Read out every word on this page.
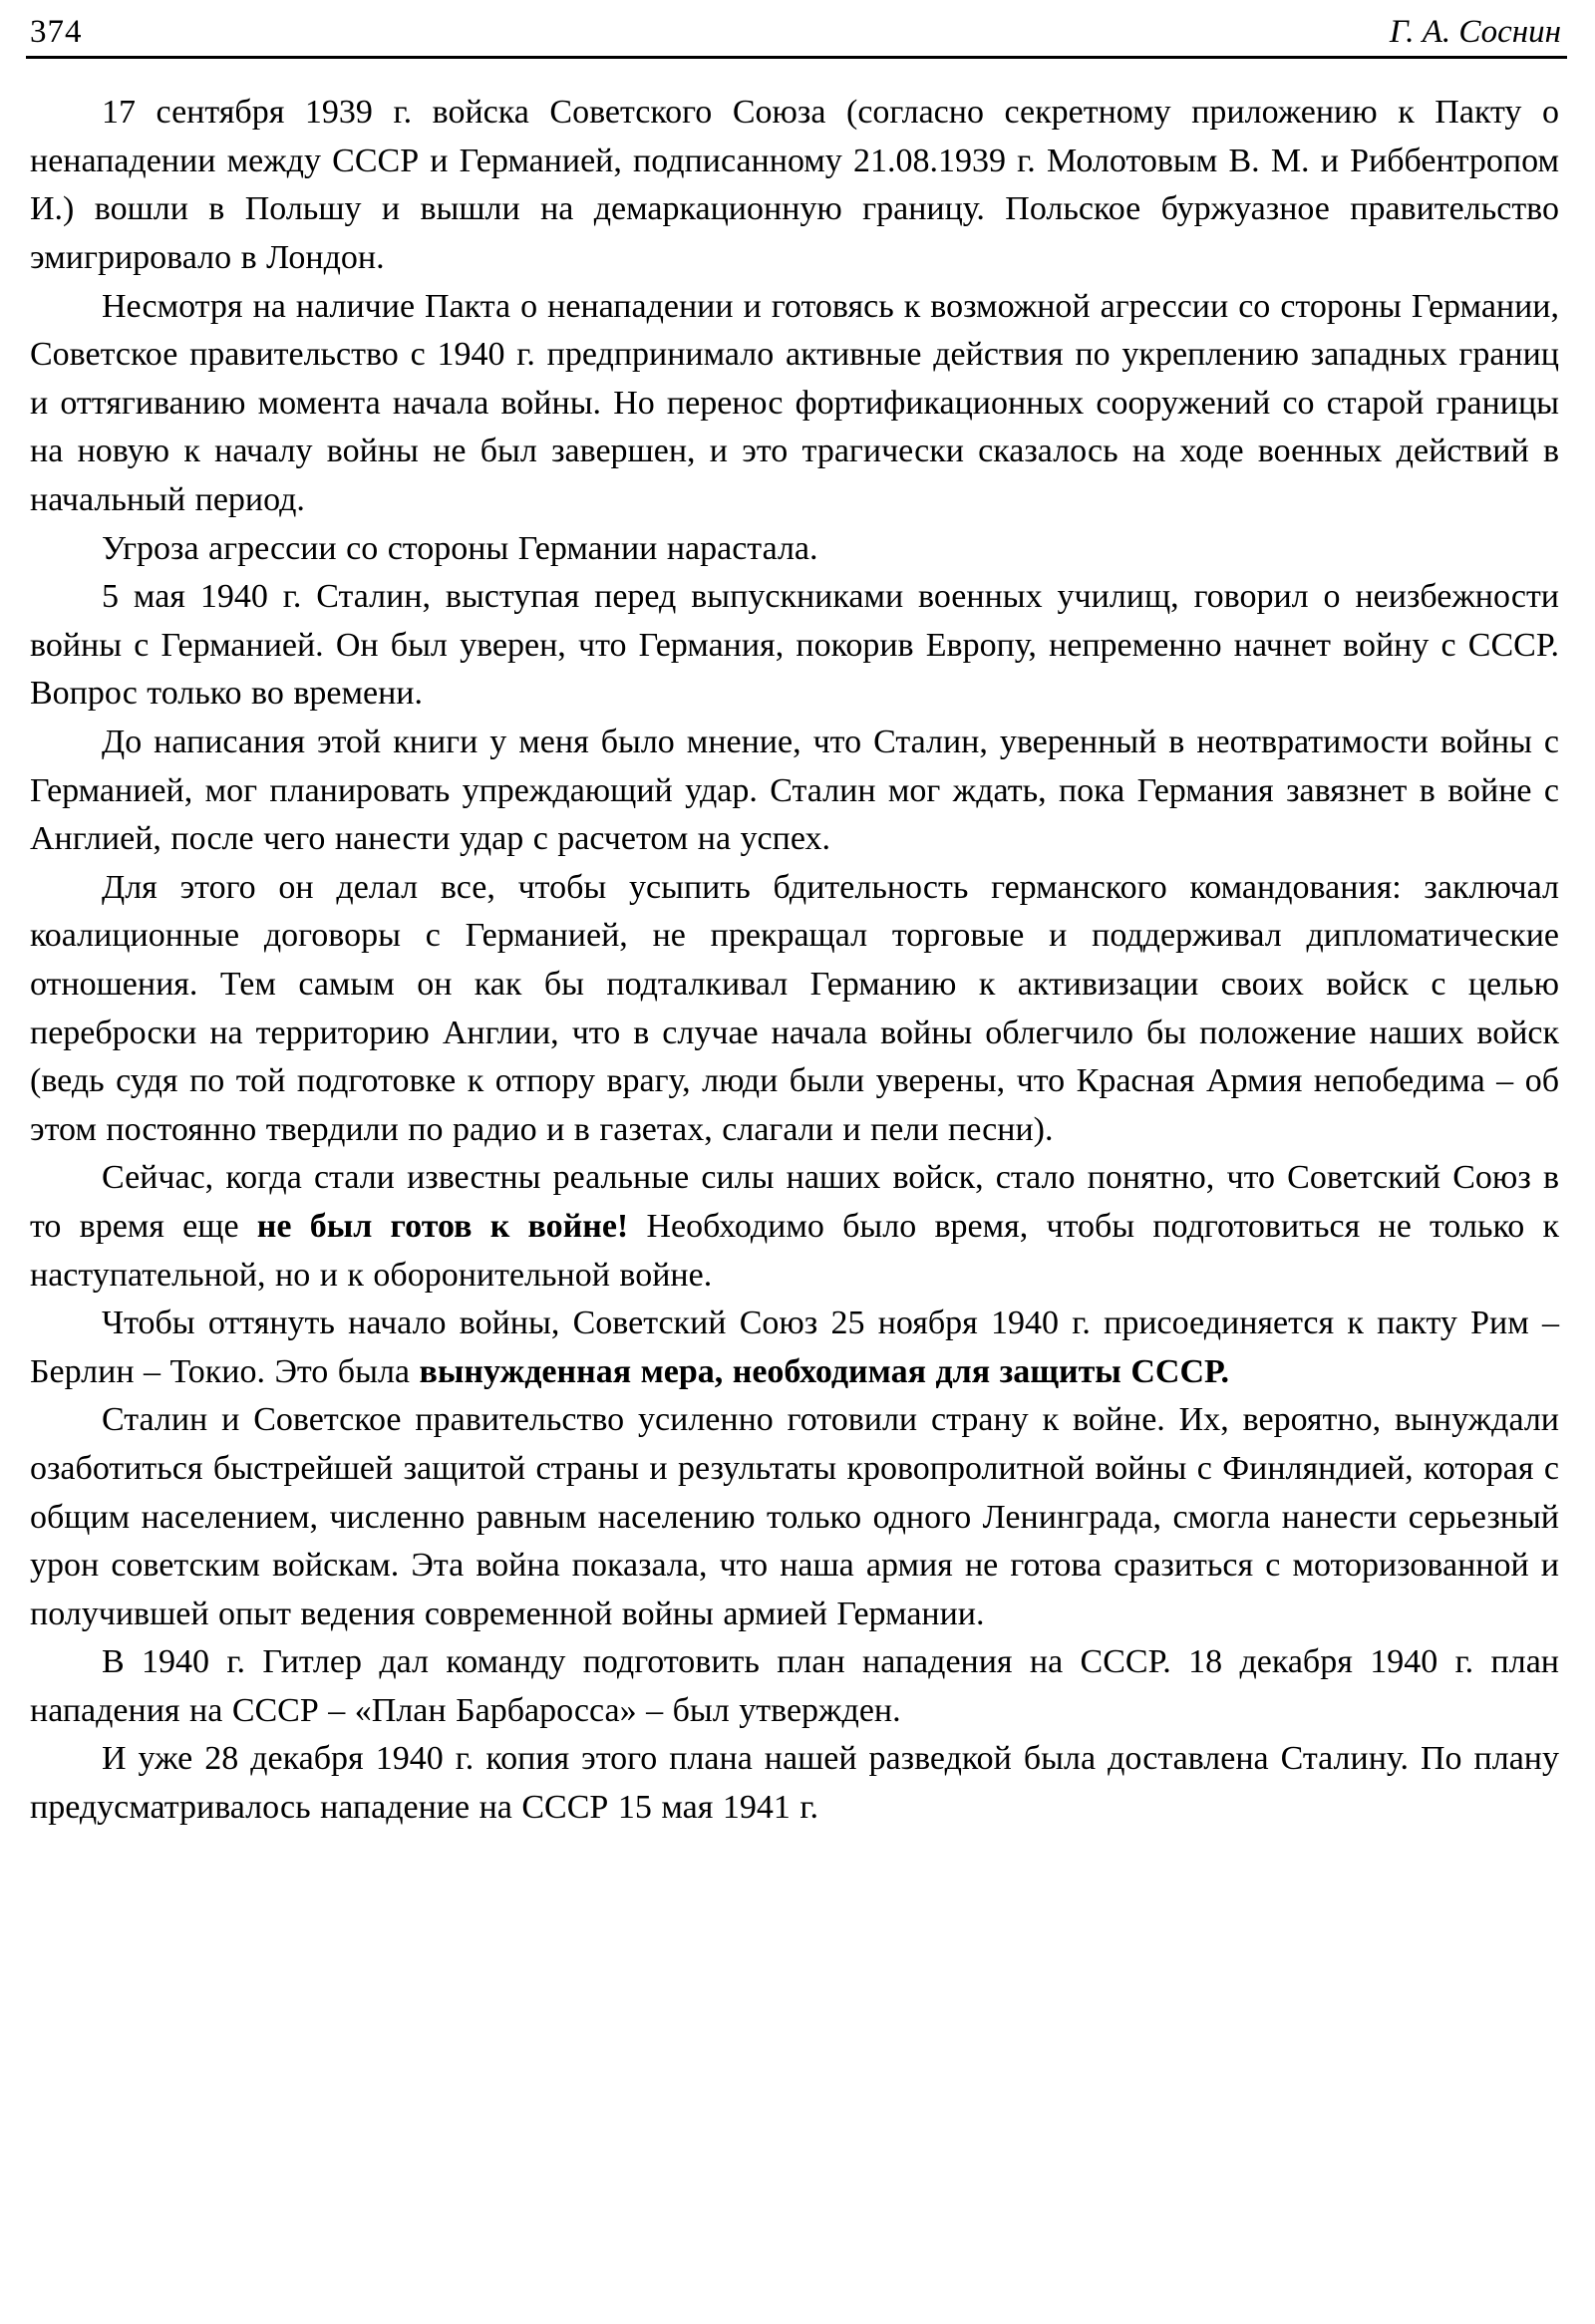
374	Г. А. Соснин

17 сентября 1939 г. войска Советского Союза (согласно секретному приложению к Пакту о ненападении между СССР и Германией, подписанному 21.08.1939 г. Молотовым В. М. и Риббентропом И.) вошли в Польшу и вышли на демаркационную границу. Польское буржуазное правительство эмигрировало в Лондон.

Несмотря на наличие Пакта о ненападении и готовясь к возможной агрессии со стороны Германии, Советское правительство с 1940 г. предпринимало активные действия по укреплению западных границ и оттягиванию момента начала войны. Но перенос фортификационных сооружений со старой границы на новую к началу войны не был завершен, и это трагически сказалось на ходе военных действий в начальный период.

Угроза агрессии со стороны Германии нарастала.

5 мая 1940 г. Сталин, выступая перед выпускниками военных училищ, говорил о неизбежности войны с Германией. Он был уверен, что Германия, покорив Европу, непременно начнет войну с СССР. Вопрос только во времени.

До написания этой книги у меня было мнение, что Сталин, уверенный в неотвратимости войны с Германией, мог планировать упреждающий удар. Сталин мог ждать, пока Германия завязнет в войне с Англией, после чего нанести удар с расчетом на успех.

Для этого он делал все, чтобы усыпить бдительность германского командования: заключал коалиционные договоры с Германией, не прекращал торговые и поддерживал дипломатические отношения. Тем самым он как бы подталкивал Германию к активизации своих войск с целью переброски на территорию Англии, что в случае начала войны облегчило бы положение наших войск (ведь судя по той подготовке к отпору врагу, люди были уверены, что Красная Армия непобедима – об этом постоянно твердили по радио и в газетах, слагали и пели песни).

Сейчас, когда стали известны реальные силы наших войск, стало понятно, что Советский Союз в то время еще не был готов к войне! Необходимо было время, чтобы подготовиться не только к наступательной, но и к оборонительной войне.

Чтобы оттянуть начало войны, Советский Союз 25 ноября 1940 г. присоединяется к пакту Рим – Берлин – Токио. Это была вынужденная мера, необходимая для защиты СССР.

Сталин и Советское правительство усиленно готовили страну к войне. Их, вероятно, вынуждали озаботиться быстрейшей защитой страны и результаты кровопролитной войны с Финляндией, которая с общим населением, численно равным населению только одного Ленинграда, смогла нанести серьезный урон советским войскам. Эта война показала, что наша армия не готова сразиться с моторизованной и получившей опыт ведения современной войны армией Германии.

В 1940 г. Гитлер дал команду подготовить план нападения на СССР. 18 декабря 1940 г. план нападения на СССР – «План Барбаросса» – был утвержден.

И уже 28 декабря 1940 г. копия этого плана нашей разведкой была доставлена Сталину. По плану предусматривалось нападение на СССР 15 мая 1941 г.
